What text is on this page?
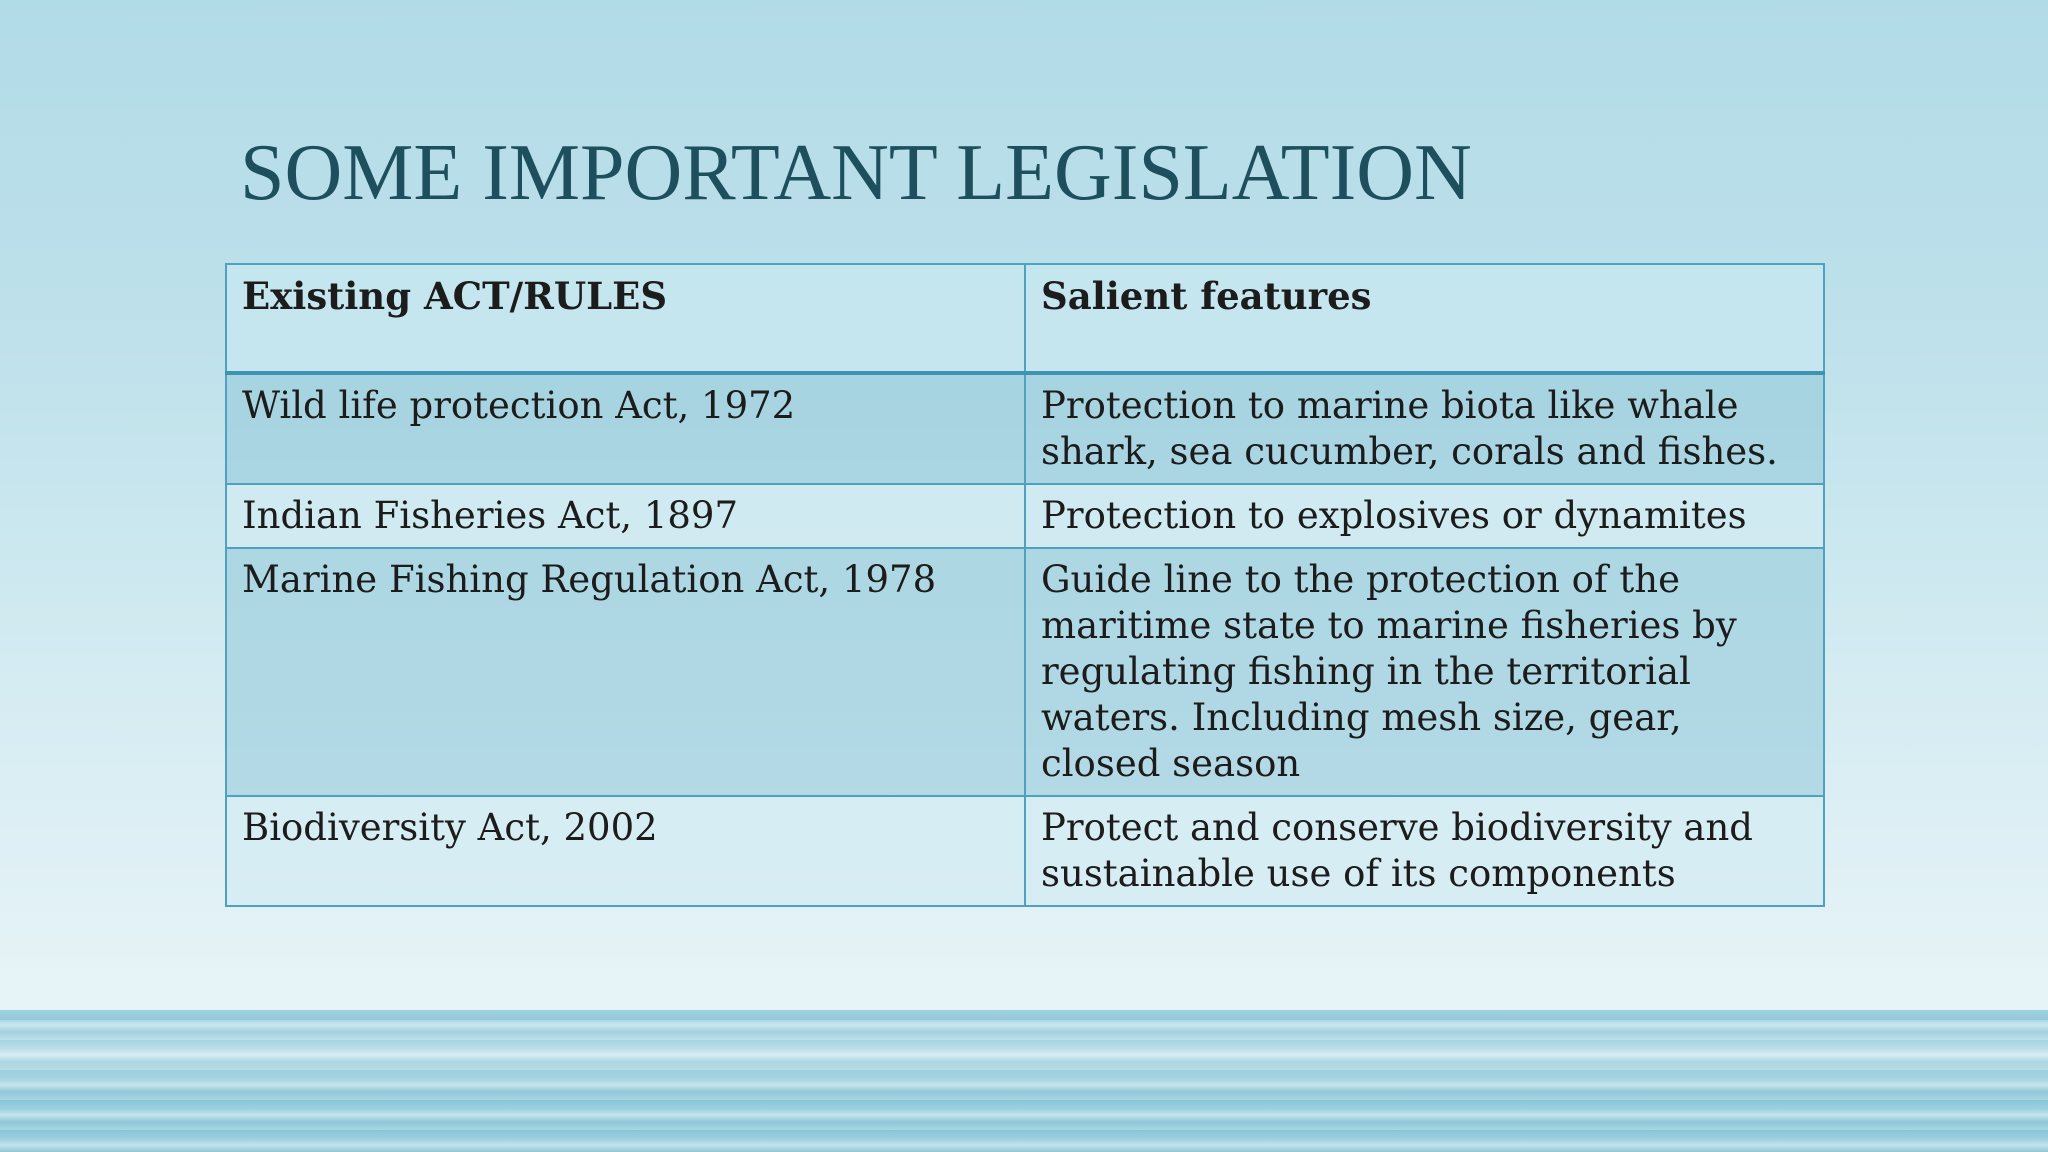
SOME IMPORTANT LEGISLATION
Existing ACT/RULES	Salient features
Wild life protection Act, 1972	Protection to marine biota like whale shark, sea cucumber, corals and fishes.
Indian Fisheries Act, 1897	Protection to explosives or dynamites
Marine Fishing Regulation Act, 1978	Guide line to the protection of the maritime state to marine fisheries by regulating fishing in the territorial waters. Including mesh size, gear, closed season
Biodiversity Act, 2002	Protect and conserve biodiversity and sustainable use of its components
